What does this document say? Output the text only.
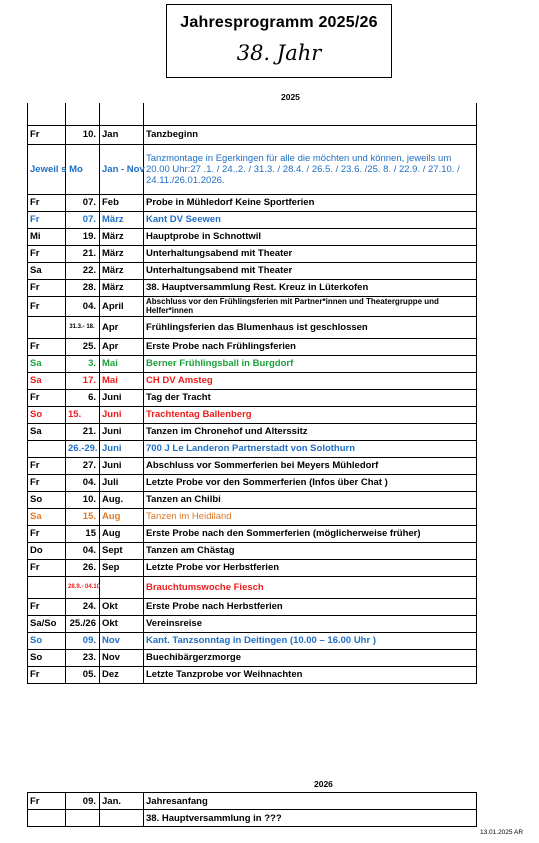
Jahresprogramm 2025/26
38. Jahr
2025

Fr	10.	Jan	Tanzbeginn
Jeweil s Mo		Jan - Nov	Tanzmontage in Egerkingen für alle die möchten und können, jeweils um 20.00 Uhr:27 .1. / 24..2. / 31.3. / 28.4. / 26.5. / 23.6. /25. 8. / 22.9. / 27.10. / 24.11./26.01.2026.
Fr	07.	Feb	Probe in Mühledorf Keine Sportferien
Fr	07.	März	Kant DV Seewen
Mi	19.	März	Hauptprobe in Schnottwil
Fr	21.	März	Unterhaltungsabend mit Theater
Sa	22.	März	Unterhaltungsabend mit Theater
Fr	28.	März	38. Hauptversammlung Rest. Kreuz in Lüterkofen
Fr	04.	April	Abschluss vor den Frühlingsferien mit Partner*innen und Theatergruppe und Helfer*innen
	31.3.- 18.	Apr	Frühlingsferien das Blumenhaus ist geschlossen
Fr	25.	Apr	Erste Probe nach Frühlingsferien
Sa	3.	Mai	Berner Frühlingsball in Burgdorf
Sa	17.	Mai	CH DV Amsteg
Fr	6.	Juni	Tag der Tracht
So	15.	Juni	Trachtentag Ballenberg
Sa	21.	Juni	Tanzen im Chronehof und Alterssitz
	26.-29.	Juni	700 J Le Landeron Partnerstadt von Solothurn
Fr	27.	Juni	Abschluss vor Sommerferien bei Meyers Mühledorf
Fr	04.	Juli	Letzte Probe vor den Sommerferien (Infos über Chat )
So	10.	Aug.	Tanzen an Chilbi
Sa	15.	Aug	Tanzen im Heidiland
Fr	15	Aug	Erste Probe nach den Sommerferien (möglicherweise früher)
Do	04.	Sept	Tanzen am Chästag
Fr	26.	Sep	Letzte Probe vor Herbstferien
	28.9.- 04.10		Brauchtumswoche Fiesch
Fr	24.	Okt	Erste Probe nach Herbstferien
Sa/So	25./26	Okt	Vereinsreise
So	09.	Nov	Kant. Tanzsonntag in Deitingen (10.00 – 16.00 Uhr )
So	23.	Nov	Buechibärgerzmorge
Fr	05.	Dez	Letzte Tanzprobe vor Weihnachten
2026
Fr	09.	Jan.	Jahresanfang
			38. Hauptversammlung in ???
13.01.2025 AR
